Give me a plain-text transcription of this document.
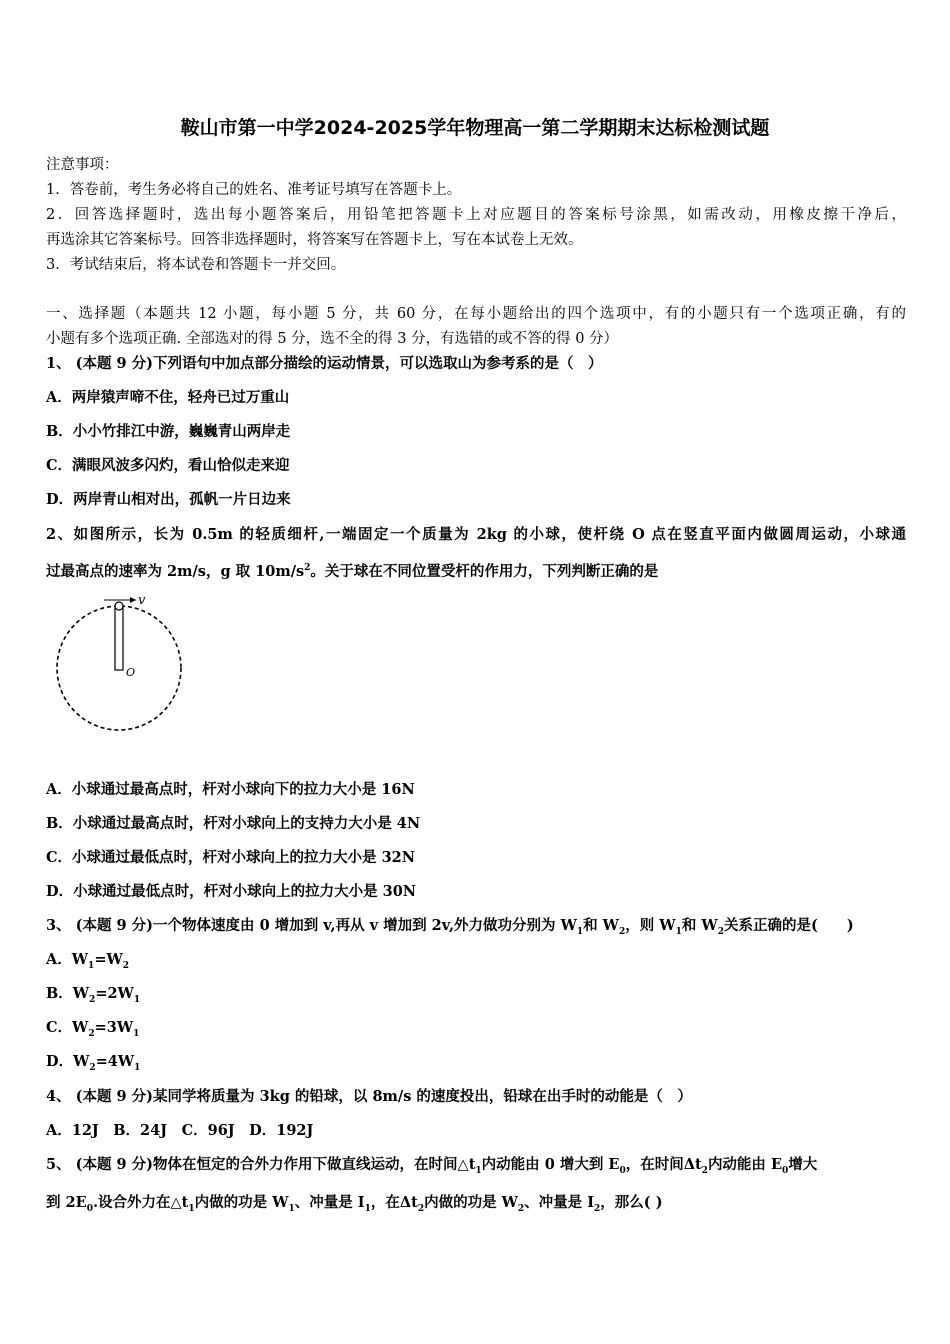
鞍山市第一中学2024-2025学年物理高一第二学期期末达标检测试题
注意事项：
1．答卷前，考生务必将自己的姓名、准考证号填写在答题卡上。
2．回答选择题时，选出每小题答案后，用铅笔把答题卡上对应题目的答案标号涂黑，如需改动，用橡皮擦干净后，
再选涂其它答案标号。回答非选择题时，将答案写在答题卡上，写在本试卷上无效。
3．考试结束后，将本试卷和答题卡一并交回。
一、选择题（本题共 12 小题，每小题 5 分，共 60 分，在每小题给出的四个选项中，有的小题只有一个选项正确，有的
小题有多个选项正确. 全部选对的得 5 分，选不全的得 3 分，有选错的或不答的得 0 分）
1、 (本题 9 分)下列语句中加点部分描绘的运动情景，可以选取山为参考系的是（　）
A．两岸猿声啼不住，轻舟已过万重山
B．小小竹排江中游，巍巍青山两岸走
C．满眼风波多闪灼，看山恰似走来迎
D．两岸青山相对出，孤帆一片日边来
2、如图所示，长为 0.5m 的轻质细杆,一端固定一个质量为 2kg 的小球，使杆绕 O 点在竖直平面内做圆周运动，小球通
过最高点的速率为 2m/s，g 取 $10m/s^2$。关于球在不同位置受杆的作用力，下列判断正确的是
v
O
A．小球通过最高点时，杆对小球向下的拉力大小是 16N
B．小球通过最高点时，杆对小球向上的支持力大小是 4N
C．小球通过最低点时，杆对小球向上的拉力大小是 32N
D．小球通过最低点时，杆对小球向上的拉力大小是 30N
3、 (本题 9 分)一个物体速度由 0 增加到 v,再从 v 增加到 2v,外力做功分别为 $W_1$和 $W_2$，则 $W_1$和 $W_2$关系正确的是(　　)
A．$W_1=W_2$
B．$W_2=2W_1$
C．$W_2=3W_1$
D．$W_2=4W_1$
4、 (本题 9 分)某同学将质量为 3kg 的铅球，以 8m/s 的速度投出，铅球在出手时的动能是（　）
A．12J　B．24J　C．96J　D．192J
5、 (本题 9 分)物体在恒定的合外力作用下做直线运动，在时间$\triangle t_1$内动能由 0 增大到 $E_0$，在时间$\Delta t_2$内动能由 $E_0$增大
到 $2E_0$.设合外力在$\triangle t_1$内做的功是 $W_1$、冲量是 $I_1$，在$\Delta t_2$内做的功是 $W_2$、冲量是 $I_2$，那么( )
